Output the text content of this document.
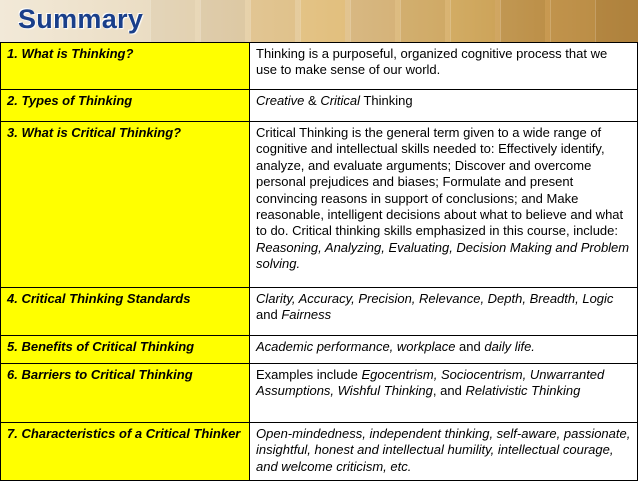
Summary
1. What is Thinking?	Thinking is a purposeful, organized cognitive process that we use to make sense of our world.
2. Types of Thinking	Creative & Critical Thinking
3. What is Critical Thinking?	Critical Thinking is the general term given to a wide range of cognitive and intellectual skills needed to: Effectively identify, analyze, and evaluate arguments; Discover and overcome personal prejudices and biases; Formulate and present convincing reasons in support of conclusions; and Make reasonable, intelligent decisions about what to believe and what to do. Critical thinking skills emphasized in this course, include: Reasoning, Analyzing, Evaluating, Decision Making and Problem solving.
4. Critical Thinking Standards	Clarity, Accuracy, Precision, Relevance, Depth, Breadth, Logic and Fairness
5. Benefits of Critical Thinking	Academic performance, workplace and daily life.
6. Barriers to Critical Thinking	Examples include Egocentrism, Sociocentrism, Unwarranted Assumptions, Wishful Thinking, and Relativistic Thinking
7. Characteristics of a Critical Thinker	Open-mindedness, independent thinking, self-aware, passionate, insightful, honest and intellectual humility, intellectual courage, and welcome criticism, etc.
